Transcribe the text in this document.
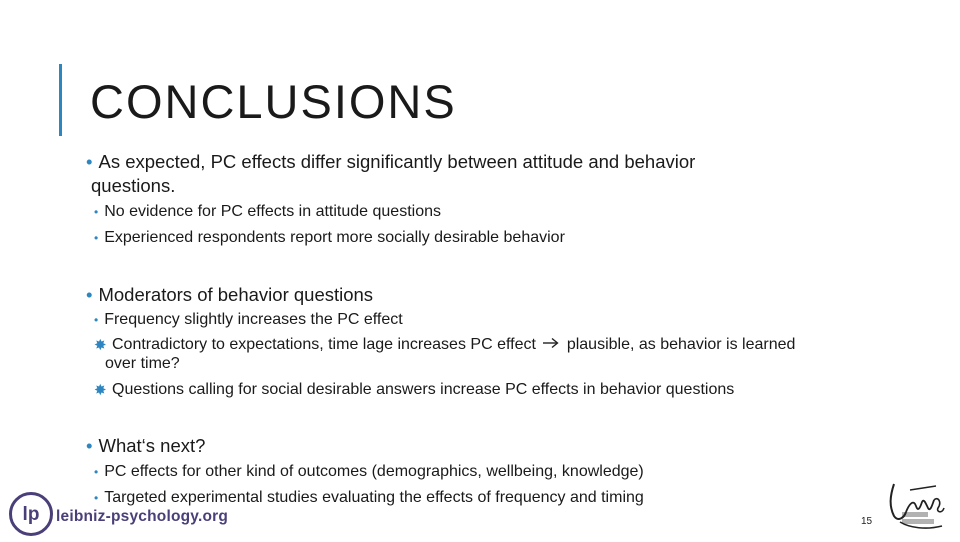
CONCLUSIONS
• As expected, PC effects differ significantly between attitude and behavior
questions.
• No evidence for PC effects in attitude questions
• Experienced respondents report more socially desirable behavior
• Moderators of behavior questions
• Frequency slightly increases the PC effect
✸ Contradictory to expectations, time lage increases PC effect plausible, as behavior is learned
over time?
✸ Questions calling for social desirable answers increase PC effects in behavior questions
• What‘s next?
• PC effects for other kind of outcomes (demographics, wellbeing, knowledge)
• Targeted experimental studies evaluating the effects of frequency and timing
lp leibniz-psychology.org	15
